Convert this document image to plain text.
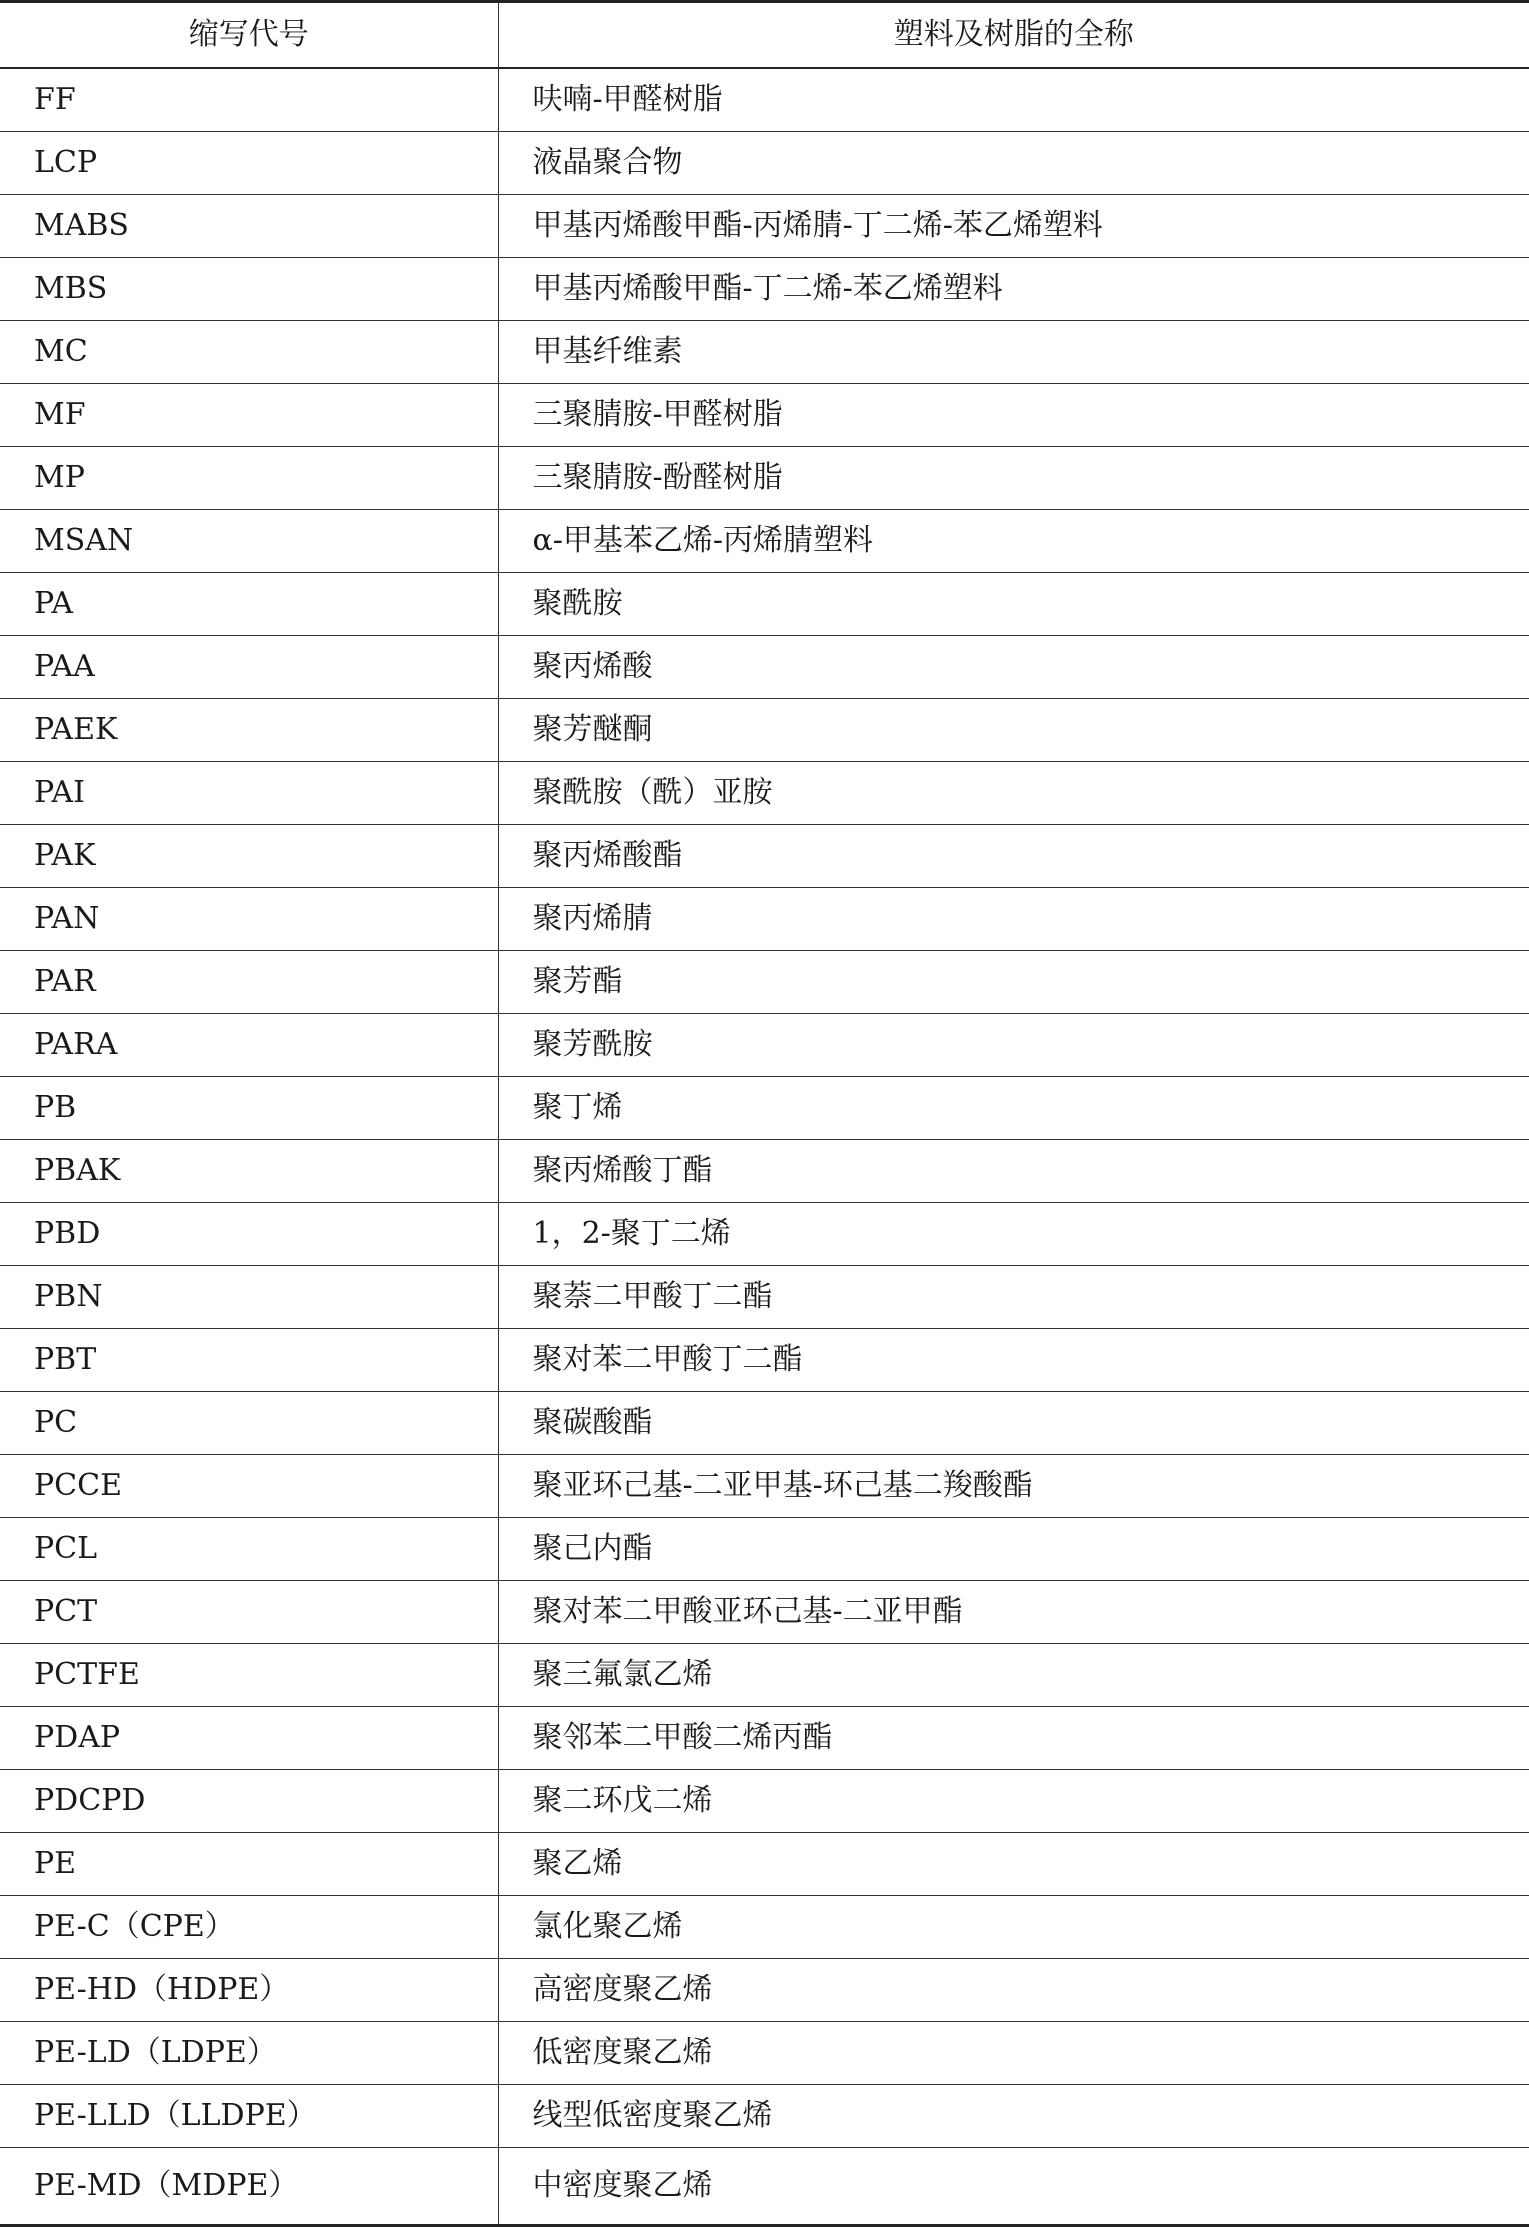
缩写代号	塑料及树脂的全称
FF	呋喃-甲醛树脂
LCP	液晶聚合物
MABS	甲基丙烯酸甲酯-丙烯腈-丁二烯-苯乙烯塑料
MBS	甲基丙烯酸甲酯-丁二烯-苯乙烯塑料
MC	甲基纤维素
MF	三聚腈胺-甲醛树脂
MP	三聚腈胺-酚醛树脂
MSAN	α-甲基苯乙烯-丙烯腈塑料
PA	聚酰胺
PAA	聚丙烯酸
PAEK	聚芳醚酮
PAI	聚酰胺（酰）亚胺
PAK	聚丙烯酸酯
PAN	聚丙烯腈
PAR	聚芳酯
PARA	聚芳酰胺
PB	聚丁烯
PBAK	聚丙烯酸丁酯
PBD	1，2-聚丁二烯
PBN	聚萘二甲酸丁二酯
PBT	聚对苯二甲酸丁二酯
PC	聚碳酸酯
PCCE	聚亚环己基-二亚甲基-环己基二羧酸酯
PCL	聚己内酯
PCT	聚对苯二甲酸亚环己基-二亚甲酯
PCTFE	聚三氟氯乙烯
PDAP	聚邻苯二甲酸二烯丙酯
PDCPD	聚二环戊二烯
PE	聚乙烯
PE-C（CPE）	氯化聚乙烯
PE-HD（HDPE）	高密度聚乙烯
PE-LD（LDPE）	低密度聚乙烯
PE-LLD（LLDPE）	线型低密度聚乙烯
PE-MD（MDPE）	中密度聚乙烯
